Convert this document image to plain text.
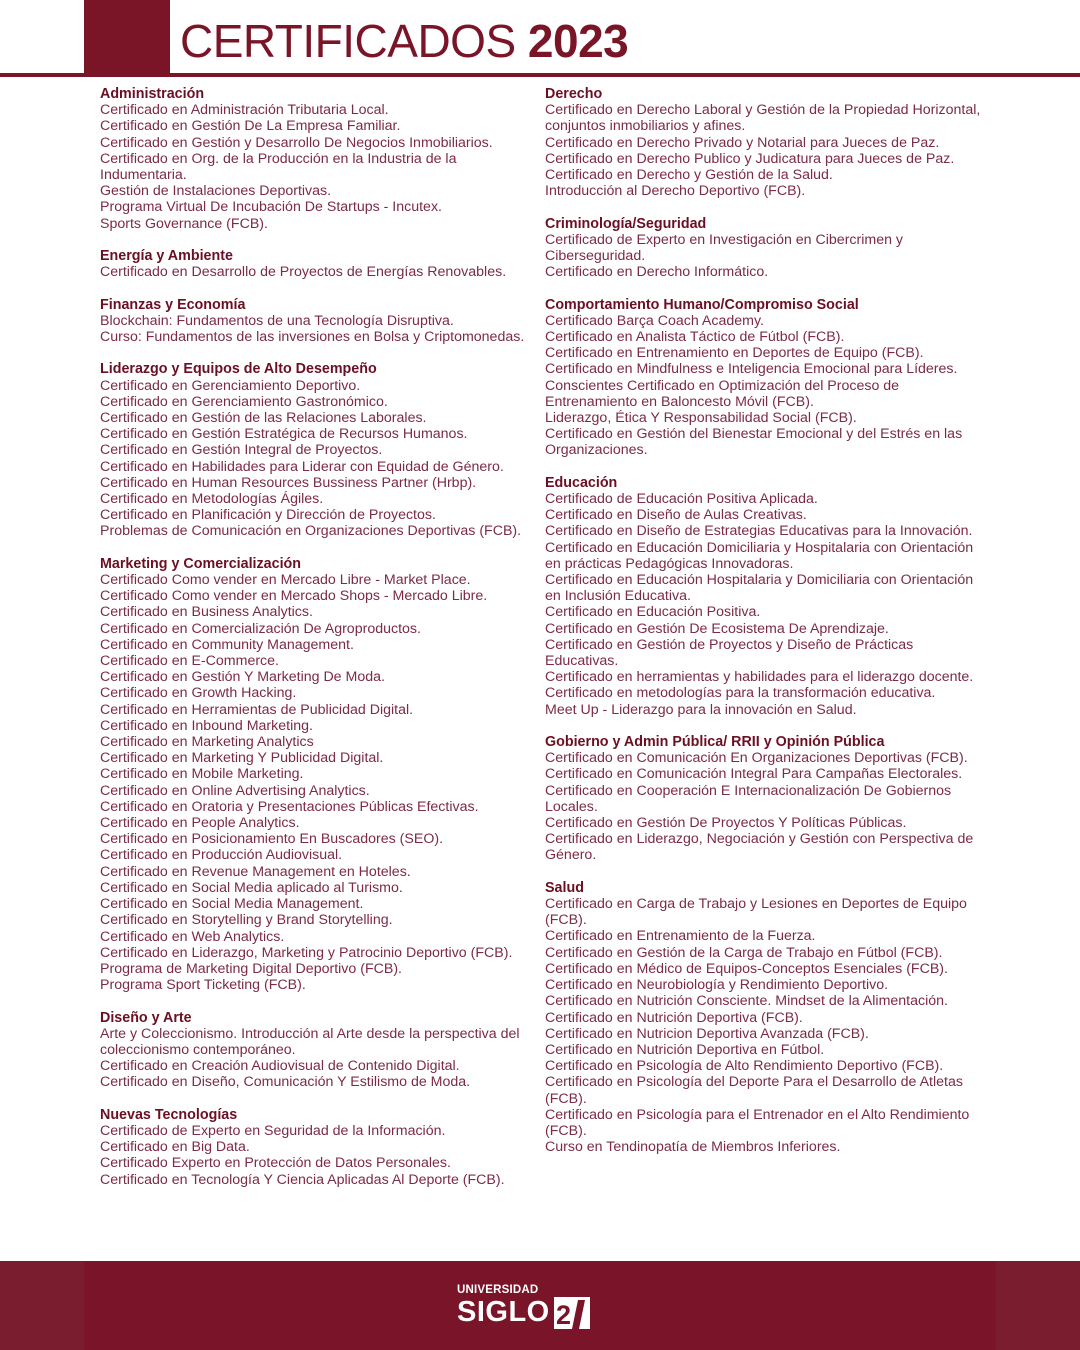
CERTIFICADOS 2023
Administración
Certificado en Administración Tributaria Local.
Certificado en Gestión De La Empresa Familiar.
Certificado en Gestión y Desarrollo De Negocios Inmobiliarios.
Certificado en Org. de la Producción en la Industria de la Indumentaria.
Gestión de Instalaciones Deportivas.
Programa Virtual De Incubación De Startups - Incutex.
Sports Governance (FCB).
Energía y Ambiente
Certificado en Desarrollo de Proyectos de Energías Renovables.
Finanzas y Economía
Blockchain: Fundamentos de una Tecnología Disruptiva.
Curso: Fundamentos de las inversiones en Bolsa y Criptomonedas.
Liderazgo y Equipos de Alto Desempeño
Certificado en Gerenciamiento Deportivo.
Certificado en Gerenciamiento Gastronómico.
Certificado en Gestión de las Relaciones Laborales.
Certificado en Gestión Estratégica de Recursos Humanos.
Certificado en Gestión Integral de Proyectos.
Certificado en Habilidades para Liderar con Equidad de Género.
Certificado en Human Resources Bussiness Partner (Hrbp).
Certificado en Metodologías Ágiles.
Certificado en Planificación y Dirección de Proyectos.
Problemas de Comunicación en Organizaciones Deportivas (FCB).
Marketing y Comercialización
Certificado Como vender en Mercado Libre - Market Place.
Certificado Como vender en Mercado Shops - Mercado Libre.
Certificado en Business Analytics.
Certificado en Comercialización De Agroproductos.
Certificado en Community Management.
Certificado en E-Commerce.
Certificado en Gestión Y Marketing De Moda.
Certificado en Growth Hacking.
Certificado en Herramientas de Publicidad Digital.
Certificado en Inbound Marketing.
Certificado en Marketing Analytics
Certificado en Marketing Y Publicidad Digital.
Certificado en Mobile Marketing.
Certificado en Online Advertising Analytics.
Certificado en Oratoria y Presentaciones Públicas Efectivas.
Certificado en People Analytics.
Certificado en Posicionamiento En Buscadores (SEO).
Certificado en Producción Audiovisual.
Certificado en Revenue Management en Hoteles.
Certificado en Social Media aplicado al Turismo.
Certificado en Social Media Management.
Certificado en Storytelling y Brand Storytelling.
Certificado en Web Analytics.
Certificado en Liderazgo, Marketing y Patrocinio Deportivo (FCB).
Programa de Marketing Digital Deportivo (FCB).
Programa Sport Ticketing (FCB).
Diseño y Arte
Arte y Coleccionismo. Introducción al Arte desde la perspectiva del coleccionismo contemporáneo.
Certificado en Creación Audiovisual de Contenido Digital.
Certificado en Diseño, Comunicación Y Estilismo de Moda.
Nuevas Tecnologías
Certificado de Experto en Seguridad de la Información.
Certificado en Big Data.
Certificado Experto en Protección de Datos Personales.
Certificado en Tecnología Y Ciencia Aplicadas Al Deporte (FCB).
Derecho
Certificado en Derecho Laboral y Gestión de la Propiedad Horizontal, conjuntos inmobiliarios y afines.
Certificado en Derecho Privado y Notarial para Jueces de Paz.
Certificado en Derecho Publico y Judicatura para Jueces de Paz.
Certificado en Derecho y Gestión de la Salud.
Introducción al Derecho Deportivo (FCB).
Criminología/Seguridad
Certificado de Experto en Investigación en Cibercrimen y Ciberseguridad.
Certificado en Derecho Informático.
Comportamiento Humano/Compromiso Social
Certificado Barça Coach Academy.
Certificado en Analista Táctico de Fútbol (FCB).
Certificado en Entrenamiento en Deportes de Equipo (FCB).
Certificado en Mindfulness e Inteligencia Emocional para Líderes.
Conscientes Certificado en Optimización del Proceso de Entrenamiento en Baloncesto Móvil (FCB).
Liderazgo, Ética Y Responsabilidad Social (FCB).
Certificado en Gestión del Bienestar Emocional y del Estrés en las Organizaciones.
Educación
Certificado de Educación Positiva Aplicada.
Certificado en Diseño de Aulas Creativas.
Certificado en Diseño de Estrategias Educativas para la Innovación.
Certificado en Educación Domiciliaria y Hospitalaria con Orientación en prácticas Pedagógicas Innovadoras.
Certificado en Educación Hospitalaria y Domiciliaria con Orientación en Inclusión Educativa.
Certificado en Educación Positiva.
Certificado en Gestión De Ecosistema De Aprendizaje.
Certificado en Gestión de Proyectos y Diseño de Prácticas Educativas.
Certificado en herramientas y habilidades para el liderazgo docente.
Certificado en metodologías para la transformación educativa.
Meet Up - Liderazgo para la innovación en Salud.
Gobierno y Admin Pública/ RRII y Opinión Pública
Certificado en Comunicación En Organizaciones Deportivas (FCB).
Certificado en Comunicación Integral Para Campañas Electorales.
Certificado en Cooperación E Internacionalización De Gobiernos Locales.
Certificado en Gestión De Proyectos Y Políticas Públicas.
Certificado en Liderazgo, Negociación y Gestión con Perspectiva de Género.
Salud
Certificado en Carga de Trabajo y Lesiones en Deportes de Equipo (FCB).
Certificado en Entrenamiento de la Fuerza.
Certificado en Gestión de la Carga de Trabajo en Fútbol (FCB).
Certificado en Médico de Equipos-Conceptos Esenciales (FCB).
Certificado en Neurobiología y Rendimiento Deportivo.
Certificado en Nutrición Consciente. Mindset de la Alimentación.
Certificado en Nutrición Deportiva (FCB).
Certificado en Nutricion Deportiva Avanzada (FCB).
Certificado en Nutrición Deportiva en Fútbol.
Certificado en Psicología de Alto Rendimiento Deportivo (FCB).
Certificado en Psicología del Deporte Para el Desarrollo de Atletas (FCB).
Certificado en Psicología para el Entrenador en el Alto Rendimiento (FCB).
Curso en Tendinopatía de Miembros Inferiores.
UNIVERSIDAD
SIGLO 2
